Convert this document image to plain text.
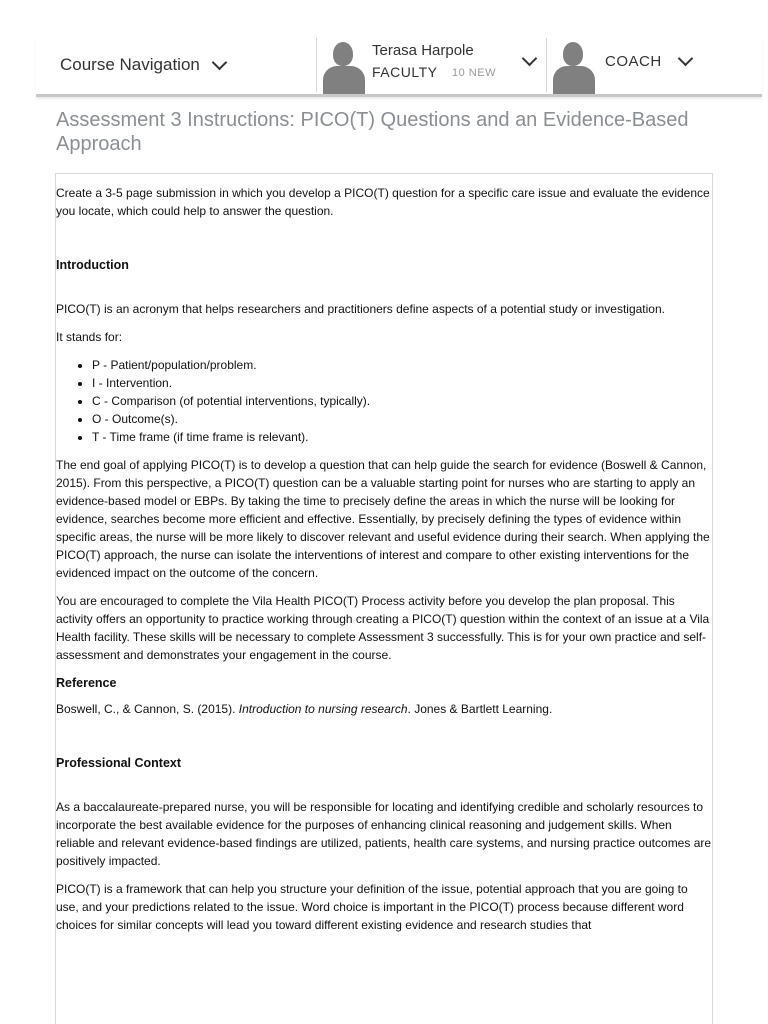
Course Navigation
Terasa Harpole
FACULTY 10 NEW
COACH
Assessment 3 Instructions: PICO(T) Questions and an Evidence-Based Approach

Create a 3-5 page submission in which you develop a PICO(T) question for a specific care issue and evaluate the evidence you locate, which could help to answer the question.

Introduction

PICO(T) is an acronym that helps researchers and practitioners define aspects of a potential study or investigation.

It stands for:

• P - Patient/population/problem.
• I - Intervention.
• C - Comparison (of potential interventions, typically).
• O - Outcome(s).
• T - Time frame (if time frame is relevant).

The end goal of applying PICO(T) is to develop a question that can help guide the search for evidence (Boswell & Cannon, 2015). From this perspective, a PICO(T) question can be a valuable starting point for nurses who are starting to apply an evidence-based model or EBPs. By taking the time to precisely define the areas in which the nurse will be looking for evidence, searches become more efficient and effective. Essentially, by precisely defining the types of evidence within specific areas, the nurse will be more likely to discover relevant and useful evidence during their search. When applying the PICO(T) approach, the nurse can isolate the interventions of interest and compare to other existing interventions for the evidenced impact on the outcome of the concern.

You are encouraged to complete the Vila Health PICO(T) Process activity before you develop the plan proposal. This activity offers an opportunity to practice working through creating a PICO(T) question within the context of an issue at a Vila Health facility. These skills will be necessary to complete Assessment 3 successfully. This is for your own practice and self-assessment and demonstrates your engagement in the course.

Reference

Boswell, C., & Cannon, S. (2015). Introduction to nursing research. Jones & Bartlett Learning.

Professional Context

As a baccalaureate-prepared nurse, you will be responsible for locating and identifying credible and scholarly resources to incorporate the best available evidence for the purposes of enhancing clinical reasoning and judgement skills. When reliable and relevant evidence-based findings are utilized, patients, health care systems, and nursing practice outcomes are positively impacted.

PICO(T) is a framework that can help you structure your definition of the issue, potential approach that you are going to use, and your predictions related to the issue. Word choice is important in the PICO(T) process because different word choices for similar concepts will lead you toward different existing evidence and research studies that
